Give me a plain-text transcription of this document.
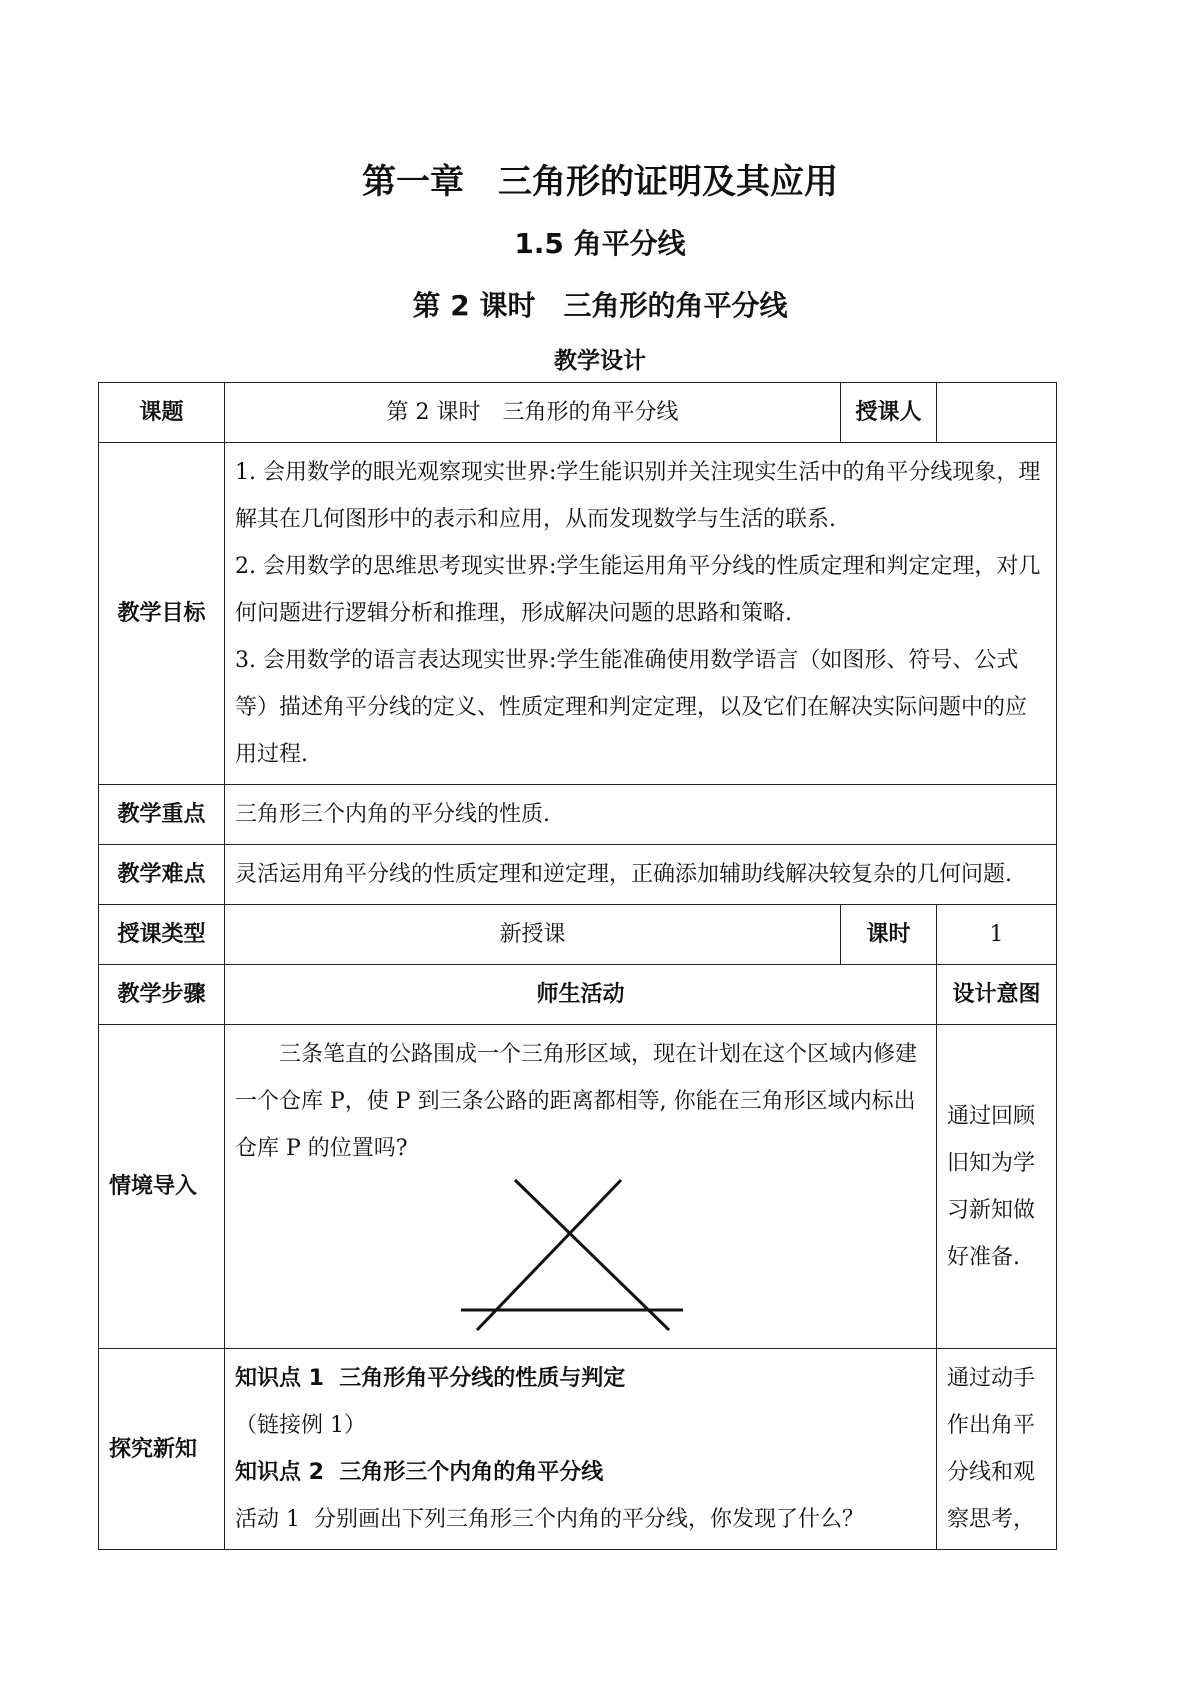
第一章　三角形的证明及其应用
1.5 角平分线
第 2 课时　三角形的角平分线
教学设计
课题	第 2 课时　三角形的角平分线	授课人	
教学目标	1. 会用数学的眼光观察现实世界:学生能识别并关注现实生活中的角平分线现象，理解其在几何图形中的表示和应用，从而发现数学与生活的联系.

2. 会用数学的思维思考现实世界:学生能运用角平分线的性质定理和判定定理，对几何问题进行逻辑分析和推理，形成解决问题的思路和策略.

3. 会用数学的语言表达现实世界:学生能准确使用数学语言（如图形、符号、公式等）描述角平分线的定义、性质定理和判定定理，以及它们在解决实际问题中的应用过程.		

教学重点	三角形三个内角的平分线的性质.		
教学难点	灵活运用角平分线的性质定理和逆定理，正确添加辅助线解决较复杂的几何问题.		
授课类型	新授课	课时	1
教学步骤	师生活动		设计意图
情境导入	三条笔直的公路围成一个三角形区域，现在计划在这个区域内修建一个仓库 P，使 P 到三条公路的距离都相等, 你能在三角形区域内标出仓库 P 的位置吗?		通过回顾旧知为学习新知做好准备.
探究新知	知识点 1  三角形角平分线的性质与判定

（链接例 1）

知识点 2  三角形三个内角的角平分线

活动 1  分别画出下列三角形三个内角的平分线，你发现了什么？		通过动手作出角平分线和观察思考，
